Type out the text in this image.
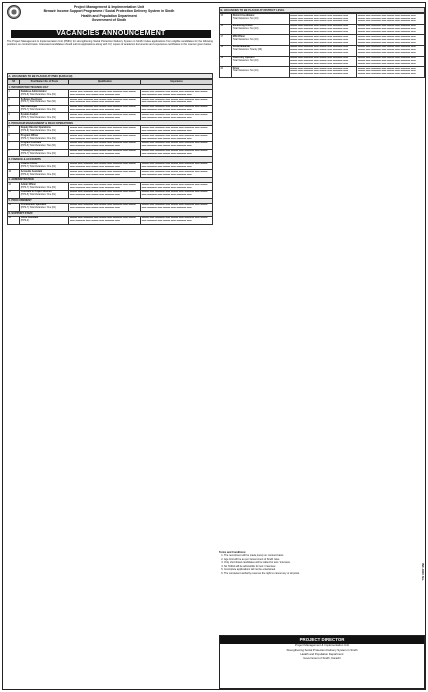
Project Management & Implementation Unit
Benazir Income Support Programme / Social Protection Delivery System in Sindh
Health and Population Department
Government of Sindh
VACANCIES ANNOUNCEMENT
The Project Management & Implementation Unit (PMIU) for strengthening Social Protection Delivery System in Sindh invites applications from eligible candidates for the following positions on contract basis. Interested candidates should submit applications along with CV, copies of academic documents and experience certificates in the manner given below.
A. VACANCIES TO BE PLACED AT PMIU (KARACHI)
S#	Post Name / No. of Posts	Qualification	Experience
1. INFORMATION TECHNOLOGY			
1	Database Administrator
(PPS-8) Total Vacancies: One (01)	▬▬▬ ▬▬ ▬▬▬▬ ▬▬ ▬▬▬ ▬▬ ▬▬▬▬ ▬▬ ▬▬▬ ▬▬ ▬▬▬▬ ▬▬ ▬▬▬ ▬▬ ▬▬▬▬ ▬▬	▬▬▬ ▬▬ ▬▬▬▬ ▬▬ ▬▬▬ ▬▬ ▬▬▬▬ ▬▬ ▬▬▬ ▬▬ ▬▬▬▬ ▬▬ ▬▬▬ ▬▬ ▬▬▬▬ ▬▬
2	Software Developer
(PPS-7) Total Vacancies: Two (02)	▬▬▬ ▬▬ ▬▬▬▬ ▬▬ ▬▬▬ ▬▬ ▬▬▬▬ ▬▬ ▬▬▬ ▬▬ ▬▬▬▬ ▬▬ ▬▬▬ ▬▬ ▬▬▬▬ ▬▬	▬▬▬ ▬▬ ▬▬▬▬ ▬▬ ▬▬▬ ▬▬ ▬▬▬▬ ▬▬ ▬▬▬ ▬▬ ▬▬▬▬ ▬▬ ▬▬▬ ▬▬ ▬▬▬▬ ▬▬
3	Web Developer
(PPS-7) Total Vacancies: One (01)	▬▬▬ ▬▬ ▬▬▬▬ ▬▬ ▬▬▬ ▬▬ ▬▬▬▬ ▬▬ ▬▬▬ ▬▬ ▬▬▬▬ ▬▬ ▬▬▬ ▬▬ ▬▬▬▬ ▬▬	▬▬▬ ▬▬ ▬▬▬▬ ▬▬ ▬▬▬ ▬▬ ▬▬▬▬ ▬▬ ▬▬▬ ▬▬ ▬▬▬▬ ▬▬ ▬▬▬ ▬▬ ▬▬▬▬ ▬▬
4	System Analyst
(PPS-7) Total Vacancies: One (01)	▬▬▬ ▬▬ ▬▬▬▬ ▬▬ ▬▬▬ ▬▬ ▬▬▬▬ ▬▬ ▬▬▬ ▬▬ ▬▬▬▬ ▬▬ ▬▬▬ ▬▬ ▬▬▬▬ ▬▬	▬▬▬ ▬▬ ▬▬▬▬ ▬▬ ▬▬▬ ▬▬ ▬▬▬▬ ▬▬ ▬▬▬ ▬▬ ▬▬▬▬ ▬▬ ▬▬▬ ▬▬ ▬▬▬▬ ▬▬
2. PROGRAM MANAGEMENT & FIELD OPERATIONS			
5	Deputy Director Operations
(PPS-8) Total Vacancies: One (01)	▬▬▬ ▬▬ ▬▬▬▬ ▬▬ ▬▬▬ ▬▬ ▬▬▬▬ ▬▬ ▬▬▬ ▬▬ ▬▬▬▬ ▬▬ ▬▬▬ ▬▬ ▬▬▬▬ ▬▬	▬▬▬ ▬▬ ▬▬▬▬ ▬▬ ▬▬▬ ▬▬ ▬▬▬▬ ▬▬ ▬▬▬ ▬▬ ▬▬▬▬ ▬▬ ▬▬▬ ▬▬ ▬▬▬▬ ▬▬
6	Program Officer
(PPS-7) Total Vacancies: One (01)	▬▬▬ ▬▬ ▬▬▬▬ ▬▬ ▬▬▬ ▬▬ ▬▬▬▬ ▬▬ ▬▬▬ ▬▬ ▬▬▬▬ ▬▬ ▬▬▬ ▬▬ ▬▬▬▬ ▬▬	▬▬▬ ▬▬ ▬▬▬▬ ▬▬ ▬▬▬ ▬▬ ▬▬▬▬ ▬▬ ▬▬▬ ▬▬ ▬▬▬▬ ▬▬ ▬▬▬ ▬▬ ▬▬▬▬ ▬▬
7	Program Assistant
(PPS-5) Total Vacancies: Two (02)	▬▬▬ ▬▬ ▬▬▬▬ ▬▬ ▬▬▬ ▬▬ ▬▬▬▬ ▬▬ ▬▬▬ ▬▬ ▬▬▬▬ ▬▬ ▬▬▬ ▬▬ ▬▬▬▬ ▬▬	▬▬▬ ▬▬ ▬▬▬▬ ▬▬ ▬▬▬ ▬▬ ▬▬▬▬ ▬▬ ▬▬▬ ▬▬ ▬▬▬▬ ▬▬ ▬▬▬ ▬▬ ▬▬▬▬ ▬▬
8	Training Coordinator
(PPS-7) Total Vacancies: One (01)	▬▬▬ ▬▬ ▬▬▬▬ ▬▬ ▬▬▬ ▬▬ ▬▬▬▬ ▬▬ ▬▬▬ ▬▬ ▬▬▬▬ ▬▬ ▬▬▬ ▬▬ ▬▬▬▬ ▬▬	▬▬▬ ▬▬ ▬▬▬▬ ▬▬ ▬▬▬ ▬▬ ▬▬▬▬ ▬▬ ▬▬▬ ▬▬ ▬▬▬▬ ▬▬ ▬▬▬ ▬▬ ▬▬▬▬ ▬▬
3. FINANCE & ACCOUNTS			
9	Finance Officer
(PPS-7) Total Vacancies: One (01)	▬▬▬ ▬▬ ▬▬▬▬ ▬▬ ▬▬▬ ▬▬ ▬▬▬▬ ▬▬ ▬▬▬ ▬▬ ▬▬▬▬ ▬▬ ▬▬▬ ▬▬ ▬▬▬▬ ▬▬	▬▬▬ ▬▬ ▬▬▬▬ ▬▬ ▬▬▬ ▬▬ ▬▬▬▬ ▬▬ ▬▬▬ ▬▬ ▬▬▬▬ ▬▬ ▬▬▬ ▬▬ ▬▬▬▬ ▬▬
10	Accounts Assistant
(PPS-4) Total Vacancies: One (01)	▬▬▬ ▬▬ ▬▬▬▬ ▬▬ ▬▬▬ ▬▬ ▬▬▬▬ ▬▬ ▬▬▬ ▬▬ ▬▬▬▬ ▬▬ ▬▬▬ ▬▬ ▬▬▬▬ ▬▬	▬▬▬ ▬▬ ▬▬▬▬ ▬▬ ▬▬▬ ▬▬ ▬▬▬▬ ▬▬ ▬▬▬ ▬▬ ▬▬▬▬ ▬▬ ▬▬▬ ▬▬ ▬▬▬▬ ▬▬
4. ADMINISTRATION			
11	Admin Officer
(PPS-7) Total Vacancies: One (01)	▬▬▬ ▬▬ ▬▬▬▬ ▬▬ ▬▬▬ ▬▬ ▬▬▬▬ ▬▬ ▬▬▬ ▬▬ ▬▬▬▬ ▬▬ ▬▬▬ ▬▬ ▬▬▬▬ ▬▬	▬▬▬ ▬▬ ▬▬▬▬ ▬▬ ▬▬▬ ▬▬ ▬▬▬▬ ▬▬ ▬▬▬ ▬▬ ▬▬▬▬ ▬▬ ▬▬▬ ▬▬ ▬▬▬▬ ▬▬
12	Assistant to Project Director
(PPS-5) Total Vacancies: One (01)	▬▬▬ ▬▬ ▬▬▬▬ ▬▬ ▬▬▬ ▬▬ ▬▬▬▬ ▬▬ ▬▬▬ ▬▬ ▬▬▬▬ ▬▬ ▬▬▬ ▬▬ ▬▬▬▬ ▬▬	▬▬▬ ▬▬ ▬▬▬▬ ▬▬ ▬▬▬ ▬▬ ▬▬▬▬ ▬▬ ▬▬▬ ▬▬ ▬▬▬▬ ▬▬ ▬▬▬ ▬▬ ▬▬▬▬ ▬▬
5. PROCUREMENT			
13	Procurement Specialist
(PPS-7) Total Vacancies: One (01)	▬▬▬ ▬▬ ▬▬▬▬ ▬▬ ▬▬▬ ▬▬ ▬▬▬▬ ▬▬ ▬▬▬ ▬▬ ▬▬▬▬ ▬▬ ▬▬▬ ▬▬ ▬▬▬▬ ▬▬	▬▬▬ ▬▬ ▬▬▬▬ ▬▬ ▬▬▬ ▬▬ ▬▬▬▬ ▬▬ ▬▬▬ ▬▬ ▬▬▬▬ ▬▬ ▬▬▬ ▬▬ ▬▬▬▬ ▬▬
6. SUPPORT STAFF			
14	Office Assistant
(PPS-2)	▬▬▬ ▬▬ ▬▬▬▬ ▬▬ ▬▬▬ ▬▬ ▬▬▬▬ ▬▬ ▬▬▬ ▬▬ ▬▬▬▬ ▬▬ ▬▬▬ ▬▬ ▬▬▬▬ ▬▬	▬▬▬ ▬▬ ▬▬▬▬ ▬▬ ▬▬▬ ▬▬ ▬▬▬▬ ▬▬ ▬▬▬ ▬▬ ▬▬▬▬ ▬▬ ▬▬▬ ▬▬ ▬▬▬▬ ▬▬
B. VACANCIES TO BE PLACED AT DISTRICT LEVEL
15	District Coordinator
Total Vacancies: Ten (10)	▬▬▬ ▬▬ ▬▬▬▬ ▬▬ ▬▬▬ ▬▬ ▬▬▬▬ ▬▬ ▬▬▬ ▬▬ ▬▬▬▬ ▬▬ ▬▬▬ ▬▬ ▬▬▬▬ ▬▬ ▬▬▬ ▬▬ ▬▬▬▬ ▬▬ ▬▬▬ ▬▬ ▬▬▬▬ ▬▬	▬▬▬ ▬▬ ▬▬▬▬ ▬▬ ▬▬▬ ▬▬ ▬▬▬▬ ▬▬ ▬▬▬ ▬▬ ▬▬▬▬ ▬▬ ▬▬▬ ▬▬ ▬▬▬▬ ▬▬ ▬▬▬ ▬▬ ▬▬▬▬ ▬▬ ▬▬▬ ▬▬ ▬▬▬▬ ▬▬
16	Monitoring Officer
Total Vacancies: Ten (10)	▬▬▬ ▬▬ ▬▬▬▬ ▬▬ ▬▬▬ ▬▬ ▬▬▬▬ ▬▬ ▬▬▬ ▬▬ ▬▬▬▬ ▬▬ ▬▬▬ ▬▬ ▬▬▬▬ ▬▬ ▬▬▬ ▬▬ ▬▬▬▬ ▬▬ ▬▬▬ ▬▬ ▬▬▬▬ ▬▬	▬▬▬ ▬▬ ▬▬▬▬ ▬▬ ▬▬▬ ▬▬ ▬▬▬▬ ▬▬ ▬▬▬ ▬▬ ▬▬▬▬ ▬▬ ▬▬▬ ▬▬ ▬▬▬▬ ▬▬ ▬▬▬ ▬▬ ▬▬▬▬ ▬▬ ▬▬▬ ▬▬ ▬▬▬▬ ▬▬
17	MIS Officer
Total Vacancies: Ten (10)	▬▬▬ ▬▬ ▬▬▬▬ ▬▬ ▬▬▬ ▬▬ ▬▬▬▬ ▬▬ ▬▬▬ ▬▬ ▬▬▬▬ ▬▬ ▬▬▬ ▬▬ ▬▬▬▬ ▬▬ ▬▬▬ ▬▬ ▬▬▬▬ ▬▬ ▬▬▬ ▬▬ ▬▬▬▬ ▬▬	▬▬▬ ▬▬ ▬▬▬▬ ▬▬ ▬▬▬ ▬▬ ▬▬▬▬ ▬▬ ▬▬▬ ▬▬ ▬▬▬▬ ▬▬ ▬▬▬ ▬▬ ▬▬▬▬ ▬▬ ▬▬▬ ▬▬ ▬▬▬▬ ▬▬ ▬▬▬ ▬▬ ▬▬▬▬ ▬▬
18	Social Mobilizer
Total Vacancies: Twenty (20)	▬▬▬ ▬▬ ▬▬▬▬ ▬▬ ▬▬▬ ▬▬ ▬▬▬▬ ▬▬ ▬▬▬ ▬▬ ▬▬▬▬ ▬▬ ▬▬▬ ▬▬ ▬▬▬▬ ▬▬ ▬▬▬ ▬▬ ▬▬▬▬ ▬▬ ▬▬▬ ▬▬ ▬▬▬▬ ▬▬	▬▬▬ ▬▬ ▬▬▬▬ ▬▬ ▬▬▬ ▬▬ ▬▬▬▬ ▬▬ ▬▬▬ ▬▬ ▬▬▬▬ ▬▬ ▬▬▬ ▬▬ ▬▬▬▬ ▬▬ ▬▬▬ ▬▬ ▬▬▬▬ ▬▬ ▬▬▬ ▬▬ ▬▬▬▬ ▬▬
19	Data Entry Operator
Total Vacancies: Ten (10)	▬▬▬ ▬▬ ▬▬▬▬ ▬▬ ▬▬▬ ▬▬ ▬▬▬▬ ▬▬ ▬▬▬ ▬▬ ▬▬▬▬ ▬▬ ▬▬▬ ▬▬ ▬▬▬▬ ▬▬ ▬▬▬ ▬▬ ▬▬▬▬ ▬▬ ▬▬▬ ▬▬ ▬▬▬▬ ▬▬	▬▬▬ ▬▬ ▬▬▬▬ ▬▬ ▬▬▬ ▬▬ ▬▬▬▬ ▬▬ ▬▬▬ ▬▬ ▬▬▬▬ ▬▬ ▬▬▬ ▬▬ ▬▬▬▬ ▬▬ ▬▬▬ ▬▬ ▬▬▬▬ ▬▬ ▬▬▬ ▬▬ ▬▬▬▬ ▬▬
20	Driver
Total Vacancies: Ten (10)	▬▬▬ ▬▬ ▬▬▬▬ ▬▬ ▬▬▬ ▬▬ ▬▬▬▬ ▬▬ ▬▬▬ ▬▬ ▬▬▬▬ ▬▬ ▬▬▬ ▬▬ ▬▬▬▬ ▬▬ ▬▬▬ ▬▬ ▬▬▬▬ ▬▬ ▬▬▬ ▬▬ ▬▬▬▬ ▬▬	▬▬▬ ▬▬ ▬▬▬▬ ▬▬ ▬▬▬ ▬▬ ▬▬▬▬ ▬▬ ▬▬▬ ▬▬ ▬▬▬▬ ▬▬ ▬▬▬ ▬▬ ▬▬▬▬ ▬▬ ▬▬▬ ▬▬ ▬▬▬▬ ▬▬ ▬▬▬ ▬▬ ▬▬▬▬ ▬▬
Terms and Conditions:
1. The recruitment will be made purely on contract basis.
2. Age limit will be as per Government of Sindh rules.
3. Only short listed candidates will be called for test / interview.
4. No TA/DA will be admissible for test / interview.
5. Incomplete applications will not be entertained.
6. The competent authority reserves the right to cancel any or all posts.
PROJECT DIRECTOR
Project Management & Implementation Unit
Strengthening Social Protection Delivery System in Sindh
Health and Population Department
Government of Sindh, Karachi
INF-KRC No.
